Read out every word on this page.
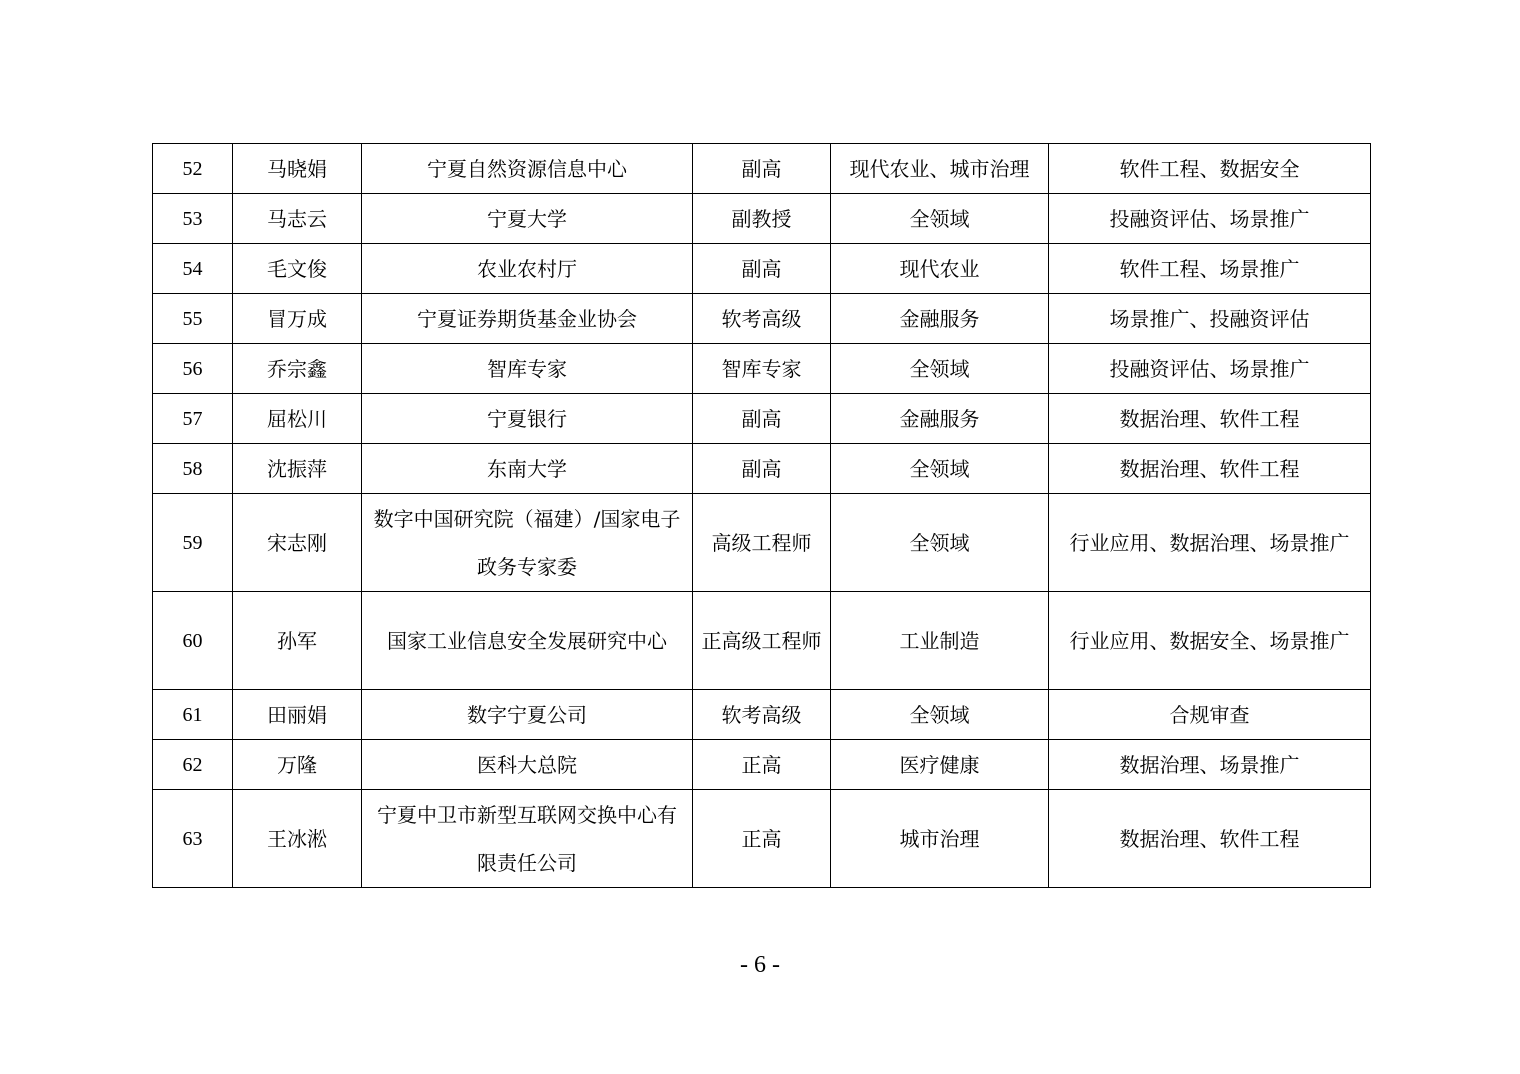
52	马晓娟	宁夏自然资源信息中心	副高	现代农业、城市治理	软件工程、数据安全
53	马志云	宁夏大学	副教授	全领域	投融资评估、场景推广
54	毛文俊	农业农村厅	副高	现代农业	软件工程、场景推广
55	冒万成	宁夏证券期货基金业协会	软考高级	金融服务	场景推广、投融资评估
56	乔宗鑫	智库专家	智库专家	全领域	投融资评估、场景推广
57	屈松川	宁夏银行	副高	金融服务	数据治理、软件工程
58	沈振萍	东南大学	副高	全领域	数据治理、软件工程
59	宋志刚	数字中国研究院（福建）/国家电子政务专家委	高级工程师	全领域	行业应用、数据治理、场景推广
60	孙军	国家工业信息安全发展研究中心	正高级工程师	工业制造	行业应用、数据安全、场景推广
61	田丽娟	数字宁夏公司	软考高级	全领域	合规审查
62	万隆	医科大总院	正高	医疗健康	数据治理、场景推广
63	王冰淞	宁夏中卫市新型互联网交换中心有限责任公司	正高	城市治理	数据治理、软件工程
- 6 -
